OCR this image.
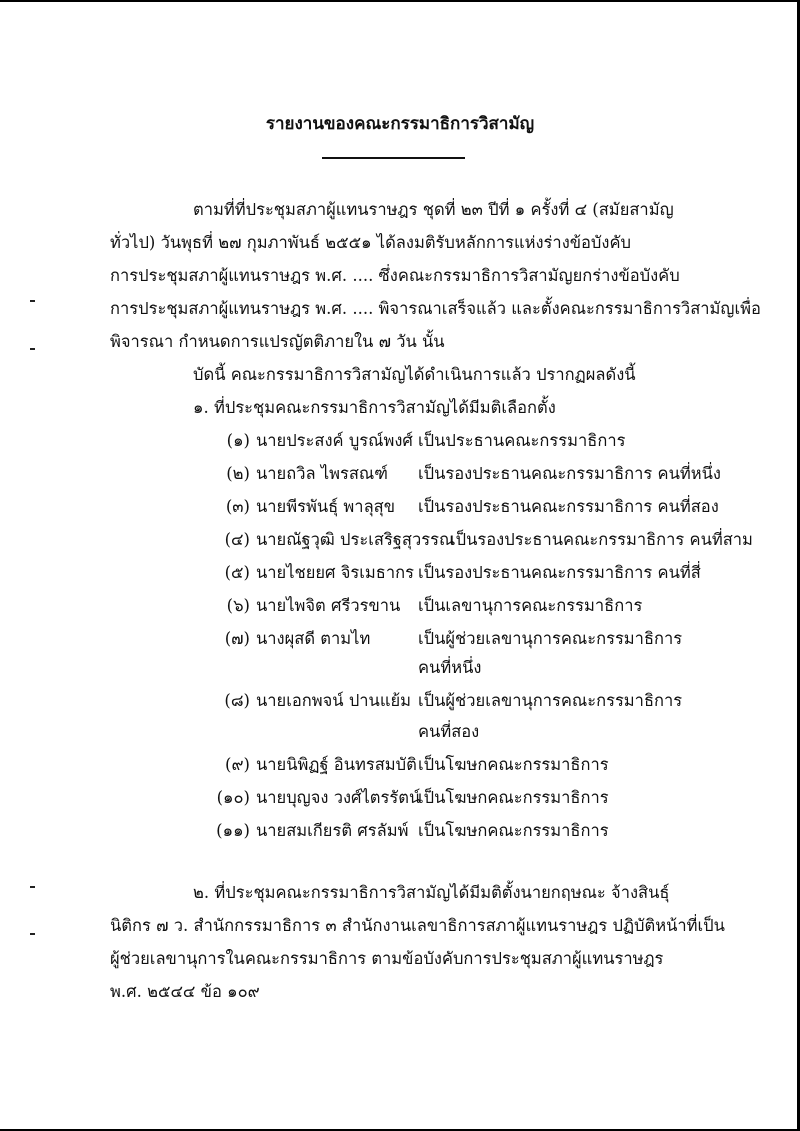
รายงานของคณะกรรมาธิการวิสามัญ
ตามที่ที่ประชุมสภาผู้แทนราษฎร ชุดที่ ๒๓ ปีที่ ๑ ครั้งที่ ๔ (สมัยสามัญ
ทั่วไป) วันพุธที่ ๒๗ กุมภาพันธ์ ๒๕๕๑ ได้ลงมติรับหลักการแห่งร่างข้อบังคับ
การประชุมสภาผู้แทนราษฎร พ.ศ. .... ซึ่งคณะกรรมาธิการวิสามัญยกร่างข้อบังคับ
การประชุมสภาผู้แทนราษฎร พ.ศ. .... พิจารณาเสร็จแล้ว และตั้งคณะกรรมาธิการวิสามัญเพื่อ
พิจารณา กำหนดการแปรญัตติภายใน ๗ วัน นั้น
บัดนี้ คณะกรรมาธิการวิสามัญได้ดำเนินการแล้ว ปรากฏผลดังนี้
๑. ที่ประชุมคณะกรรมาธิการวิสามัญได้มีมติเลือกตั้ง
(๑) นายประสงค์ บูรณ์พงศ์ เป็นประธานคณะกรรมาธิการ
(๒) นายถวิล ไพรสณฑ์ เป็นรองประธานคณะกรรมาธิการ คนที่หนึ่ง
(๓) นายพีรพันธุ์ พาลุสุข เป็นรองประธานคณะกรรมาธิการ คนที่สอง
(๔) นายณัฐวุฒิ ประเสริฐสุวรรณ
เป็นรองประธานคณะกรรมาธิการ คนที่สาม
(๕) นายไชยยศ จิรเมธากร เป็นรองประธานคณะกรรมาธิการ คนที่สี่
(๖) นายไพจิต ศรีวรขาน เป็นเลขานุการคณะกรรมาธิการ
(๗) นางผุสดี ตามไท	เป็นผู้ช่วยเลขานุการคณะกรรมาธิการ
คนที่หนึ่ง
(๘) นายเอกพจน์ ปานแย้ม เป็นผู้ช่วยเลขานุการคณะกรรมาธิการ
คนที่สอง
(๙) นายนิพิฏฐ์ อินทรสมบัติ เป็นโฆษกคณะกรรมาธิการ
(๑๐) นายบุญจง วงศ์ไตรรัตน์
เป็นโฆษกคณะกรรมาธิการ
(๑๑) นายสมเกียรติ ศรลัมพ์ เป็นโฆษกคณะกรรมาธิการ
๒. ที่ประชุมคณะกรรมาธิการวิสามัญได้มีมติตั้งนายกฤษณะ จ้างสินธุ์
นิติกร ๗ ว. สำนักกรรมาธิการ ๓ สำนักงานเลขาธิการสภาผู้แทนราษฎร ปฏิบัติหน้าที่เป็น
ผู้ช่วยเลขานุการในคณะกรรมาธิการ ตามข้อบังคับการประชุมสภาผู้แทนราษฎร
พ.ศ. ๒๕๔๔ ข้อ ๑๐๙
